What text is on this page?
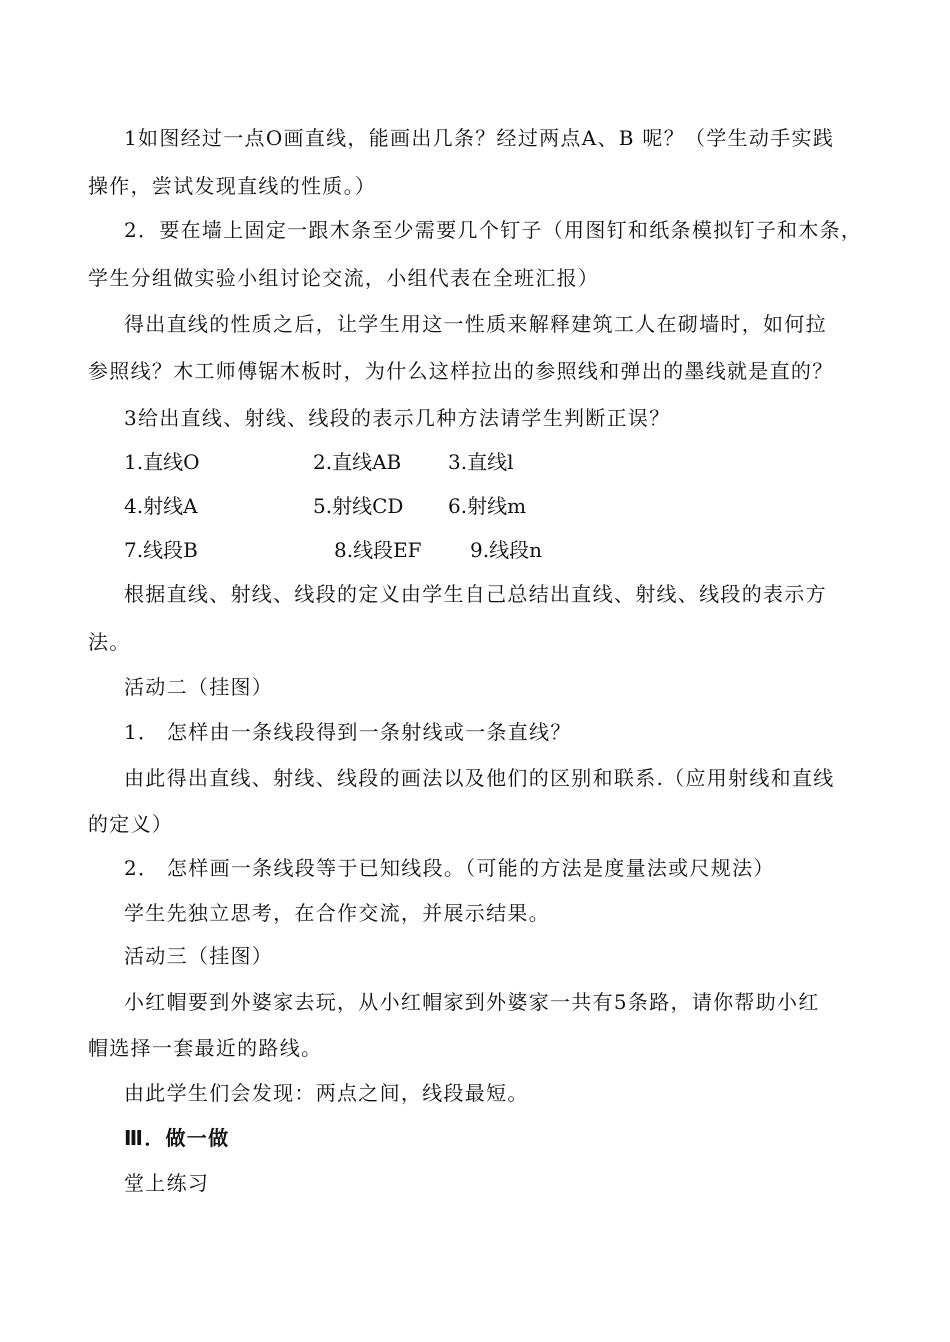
1如图经过一点O画直线，能画出几条？经过两点A、B 呢？（学生动手实践
操作，尝试发现直线的性质。）
2．要在墙上固定一跟木条至少需要几个钉子（用图钉和纸条模拟钉子和木条，
学生分组做实验小组讨论交流，小组代表在全班汇报）
得出直线的性质之后，让学生用这一性质来解释建筑工人在砌墙时，如何拉
参照线？木工师傅锯木板时，为什么这样拉出的参照线和弹出的墨线就是直的？
3给出直线、射线、线段的表示几种方法请学生判断正误？
1.直线O	2.直线AB 3.直线l
4.射线A	5.射线CD 6.射线m
7.线段B	8.线段EF 9.线段n
根据直线、射线、线段的定义由学生自己总结出直线、射线、线段的表示方
法。
活动二（挂图）
1． 怎样由一条线段得到一条射线或一条直线？
由此得出直线、射线、线段的画法以及他们的区别和联系.（应用射线和直线
的定义）
2． 怎样画一条线段等于已知线段。（可能的方法是度量法或尺规法）
学生先独立思考，在合作交流，并展示结果。
活动三（挂图）
小红帽要到外婆家去玩，从小红帽家到外婆家一共有5条路，请你帮助小红
帽选择一套最近的路线。
由此学生们会发现：两点之间，线段最短。
Ⅲ．做一做
堂上练习
